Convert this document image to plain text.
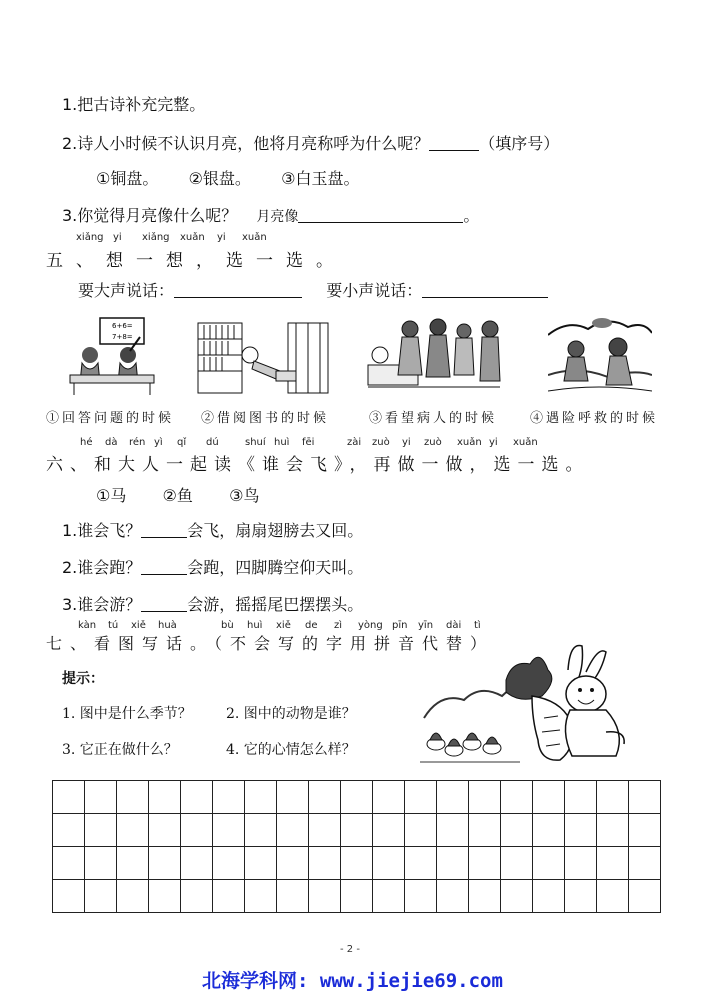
1.把古诗补充完整。
2.诗人小时候不认识月亮，他将月亮称呼为什么呢？	（填序号）
①铜盘。 ②银盘。 ③白玉盘。
3.你觉得月亮像什么呢？ 月亮像	。
xiǎng yi xiǎng xuǎn yi xuǎn
五、想一想，选一选。
要大声说话：	要小声说话：
6+6=
7+8=
①回答问题的时候 ②借阅图书的时候	③看望病人的时候	④遇险呼救的时候
hé dà rén yì qǐ dú	shuí huì fēi	zài zuò yi zuò xuǎn yi xuǎn
六、和大人一起读《谁会飞》，再做一做，选一选。
①马 ②鱼 ③鸟
1.谁会飞？	会飞，扇扇翅膀去又回。
2.谁会跑？	会跑，四脚腾空仰天叫。
3.谁会游？	会游，摇摇尾巴摆摆头。
kàn tú xiě huà	bù huì xiě de zì yòng pīn yīn dài tì
七、看图写话。（不会写的字用拼音代替）
提示：
1. 图中是什么季节？ 2. 图中的动物是谁？
3. 它正在做什么？	4. 它的心情怎么样？

- 2 -
北海学科网: www.jiejie69.com
